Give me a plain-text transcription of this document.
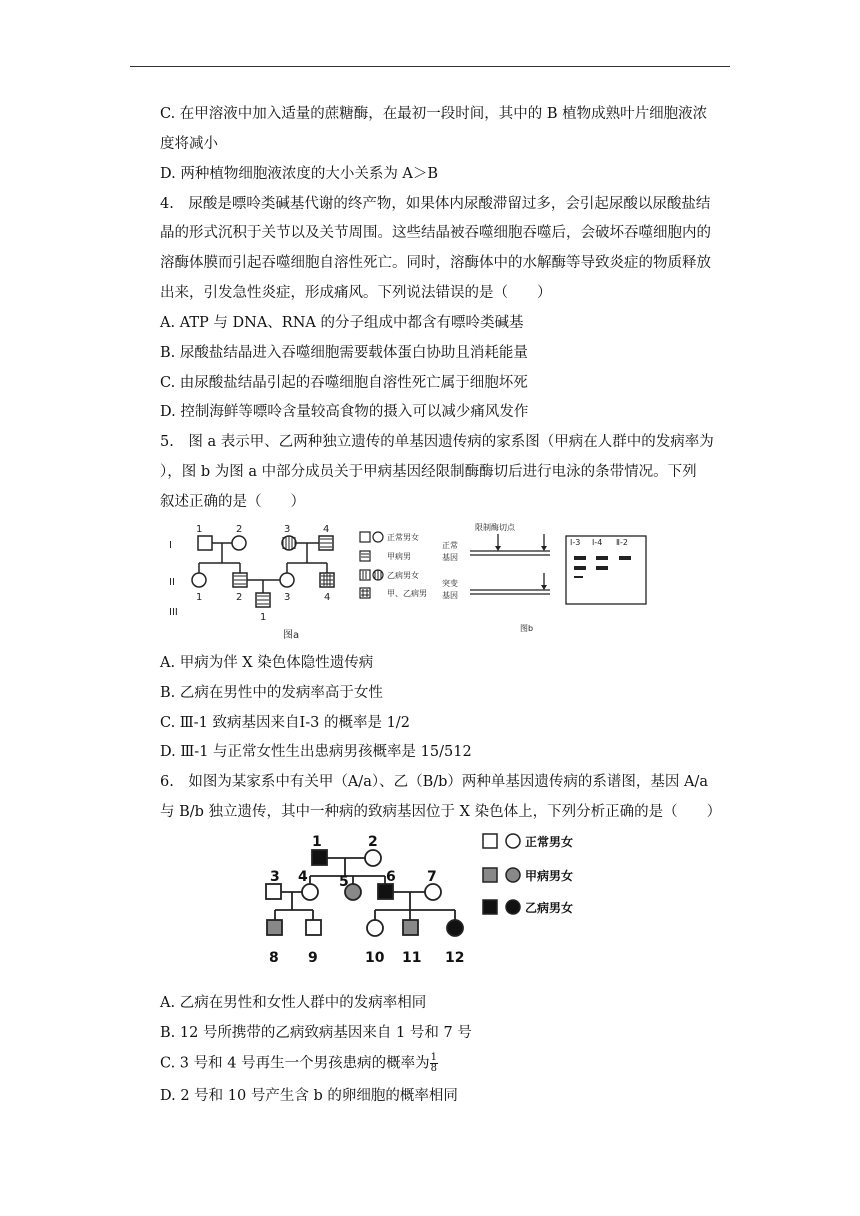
C. 在甲溶液中加入适量的蔗糖酶，在最初一段时间，其中的 B 植物成熟叶片细胞液浓
度将减小
D. 两种植物细胞液浓度的大小关系为 A＞B
4.　尿酸是嘌呤类碱基代谢的终产物，如果体内尿酸滞留过多，会引起尿酸以尿酸盐结
晶的形式沉积于关节以及关节周围。这些结晶被吞噬细胞吞噬后，会破坏吞噬细胞内的
溶酶体膜而引起吞噬细胞自溶性死亡。同时，溶酶体中的水解酶等导致炎症的物质释放
出来，引发急性炎症，形成痛风。下列说法错误的是（　　）
A. ATP 与 DNA、RNA 的分子组成中都含有嘌呤类碱基
B. 尿酸盐结晶进入吞噬细胞需要载体蛋白协助且消耗能量
C. 由尿酸盐结晶引起的吞噬细胞自溶性死亡属于细胞坏死
D. 控制海鲜等嘌呤含量较高食物的摄入可以减少痛风发作
5.　图 a 表示甲、乙两种独立遗传的单基因遗传病的家系图（甲病在人群中的发病率为
），图 b 为图 a 中部分成员关于甲病基因经限制酶酶切后进行电泳的条带情况。下列
叙述正确的是（　　）
I
II
III
1	2	3	4
1	2	3	4
1
图a
正常男女
甲病男
乙病男女
甲、乙病男
限制酶切点
正常
基因
突变
基因
图b
Ⅰ-3 Ⅰ-4 Ⅱ-2
A. 甲病为伴 X 染色体隐性遗传病
B. 乙病在男性中的发病率高于女性
C. Ⅲ-1 致病基因来自Ⅰ-3 的概率是 1/2
D. Ⅲ-1 与正常女性生出患病男孩概率是 15/512
6.　如图为某家系中有关甲（A/a）、乙（B/b）两种单基因遗传病的系谱图，基因 A/a
与 B/b 独立遗传，其中一种病的致病基因位于 X 染色体上，下列分析正确的是（　　）
1	2
3 4 5	6 7
8 9	10 11 12
正常男女
甲病男女
乙病男女
A. 乙病在男性和女性人群中的发病率相同
B. 12 号所携带的乙病致病基因来自 1 号和 7 号
C. 3 号和 4 号再生一个男孩患病的概率为 $\frac{1}{8}$
D. 2 号和 10 号产生含 b 的卵细胞的概率相同
